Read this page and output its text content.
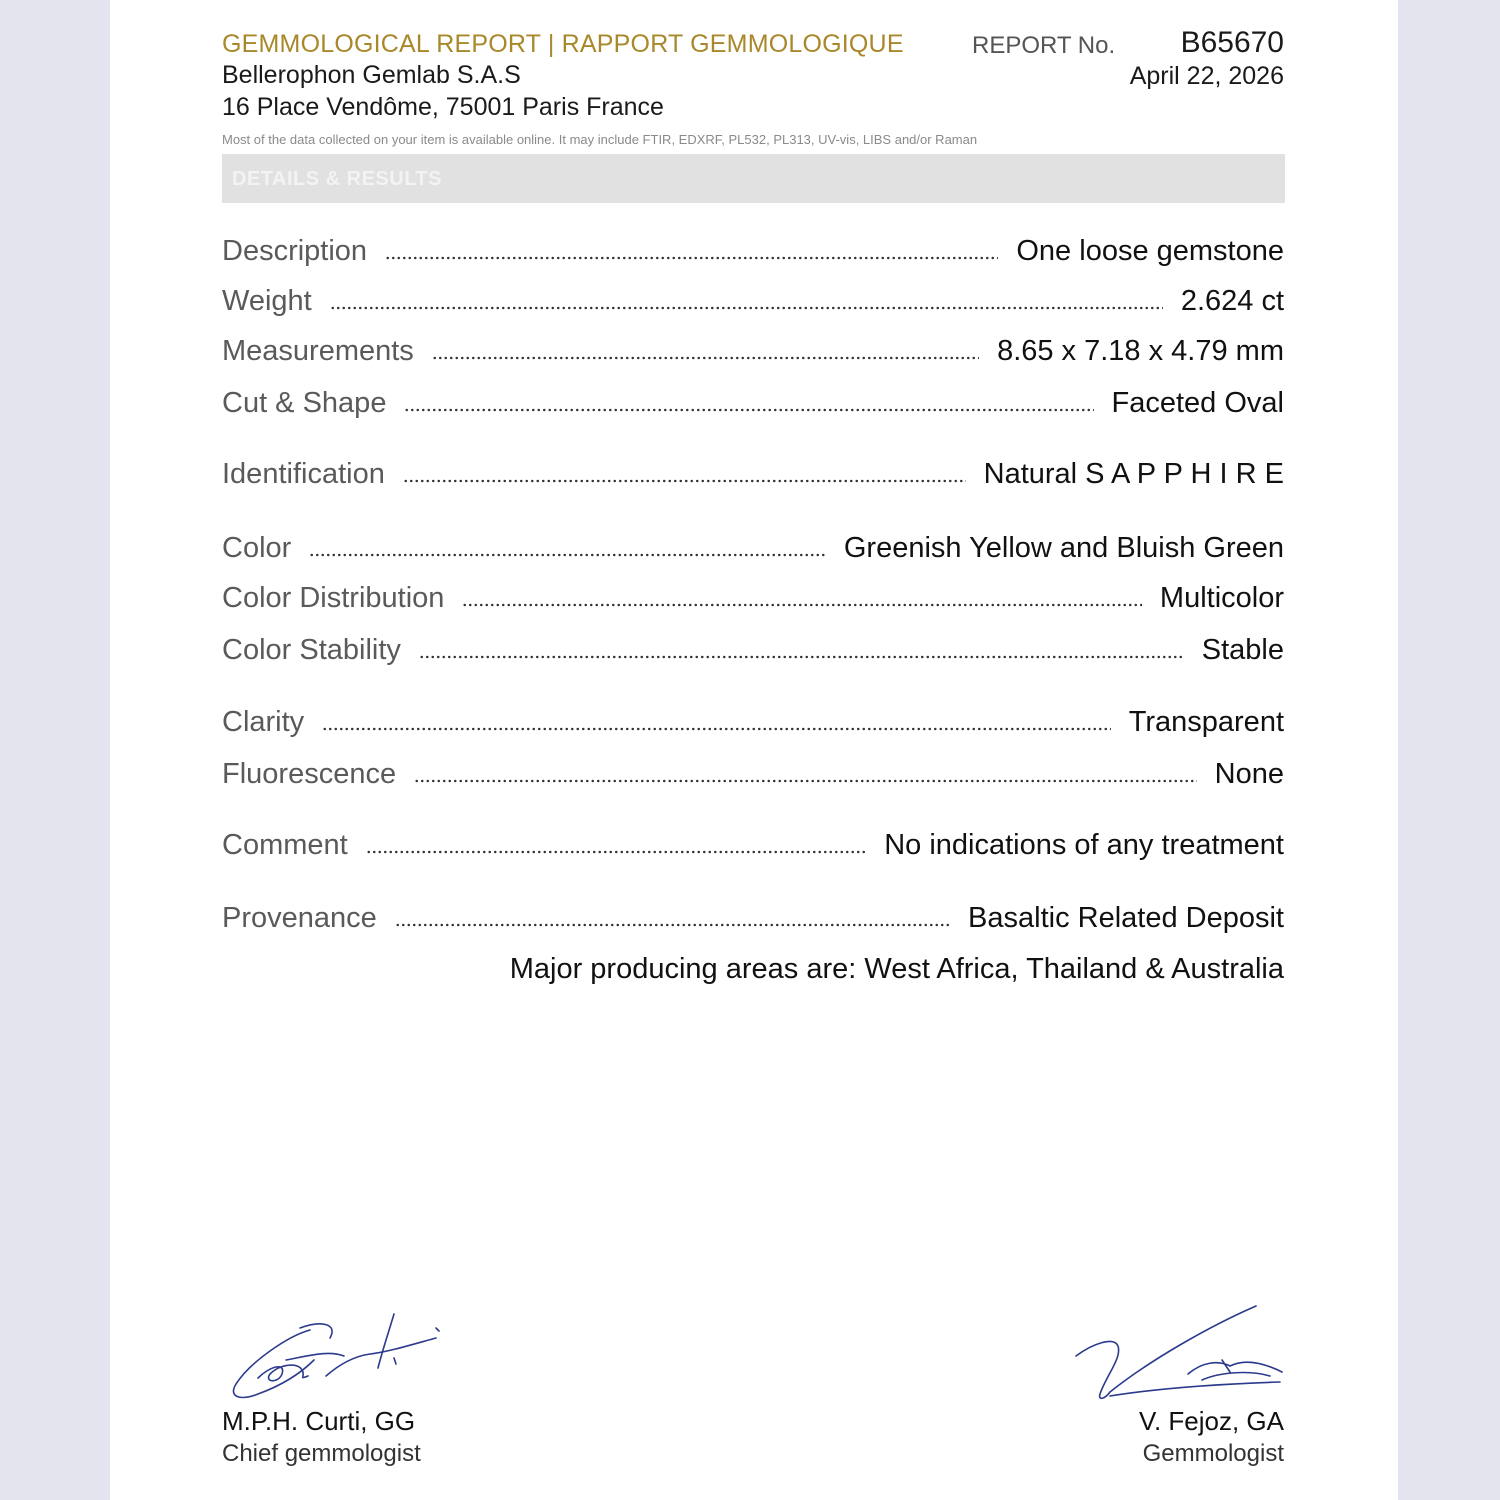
GEMMOLOGICAL REPORT | RAPPORT GEMMOLOGIQUE
Bellerophon Gemlab S.A.S
16 Place Vendôme, 75001 Paris France
REPORT No. B65670
April 22, 2026
Most of the data collected on your item is available online. It may include FTIR, EDXRF, PL532, PL313, UV-vis, LIBS and/or Raman
DETAILS & RESULTS
Description	One loose gemstone
Weight	2.624 ct
Measurements	8.65 x 7.18 x 4.79 mm
Cut & Shape	Faceted Oval
Identification	Natural S A P P H I R E
Color	Greenish Yellow and Bluish Green
Color Distribution	Multicolor
Color Stability	Stable
Clarity	Transparent
Fluorescence	None
Comment	No indications of any treatment
Provenance	Basaltic Related Deposit
Major producing areas are: West Africa, Thailand & Australia
M.P.H. Curti, GG
Chief gemmologist
V. Fejoz, GA
Gemmologist
